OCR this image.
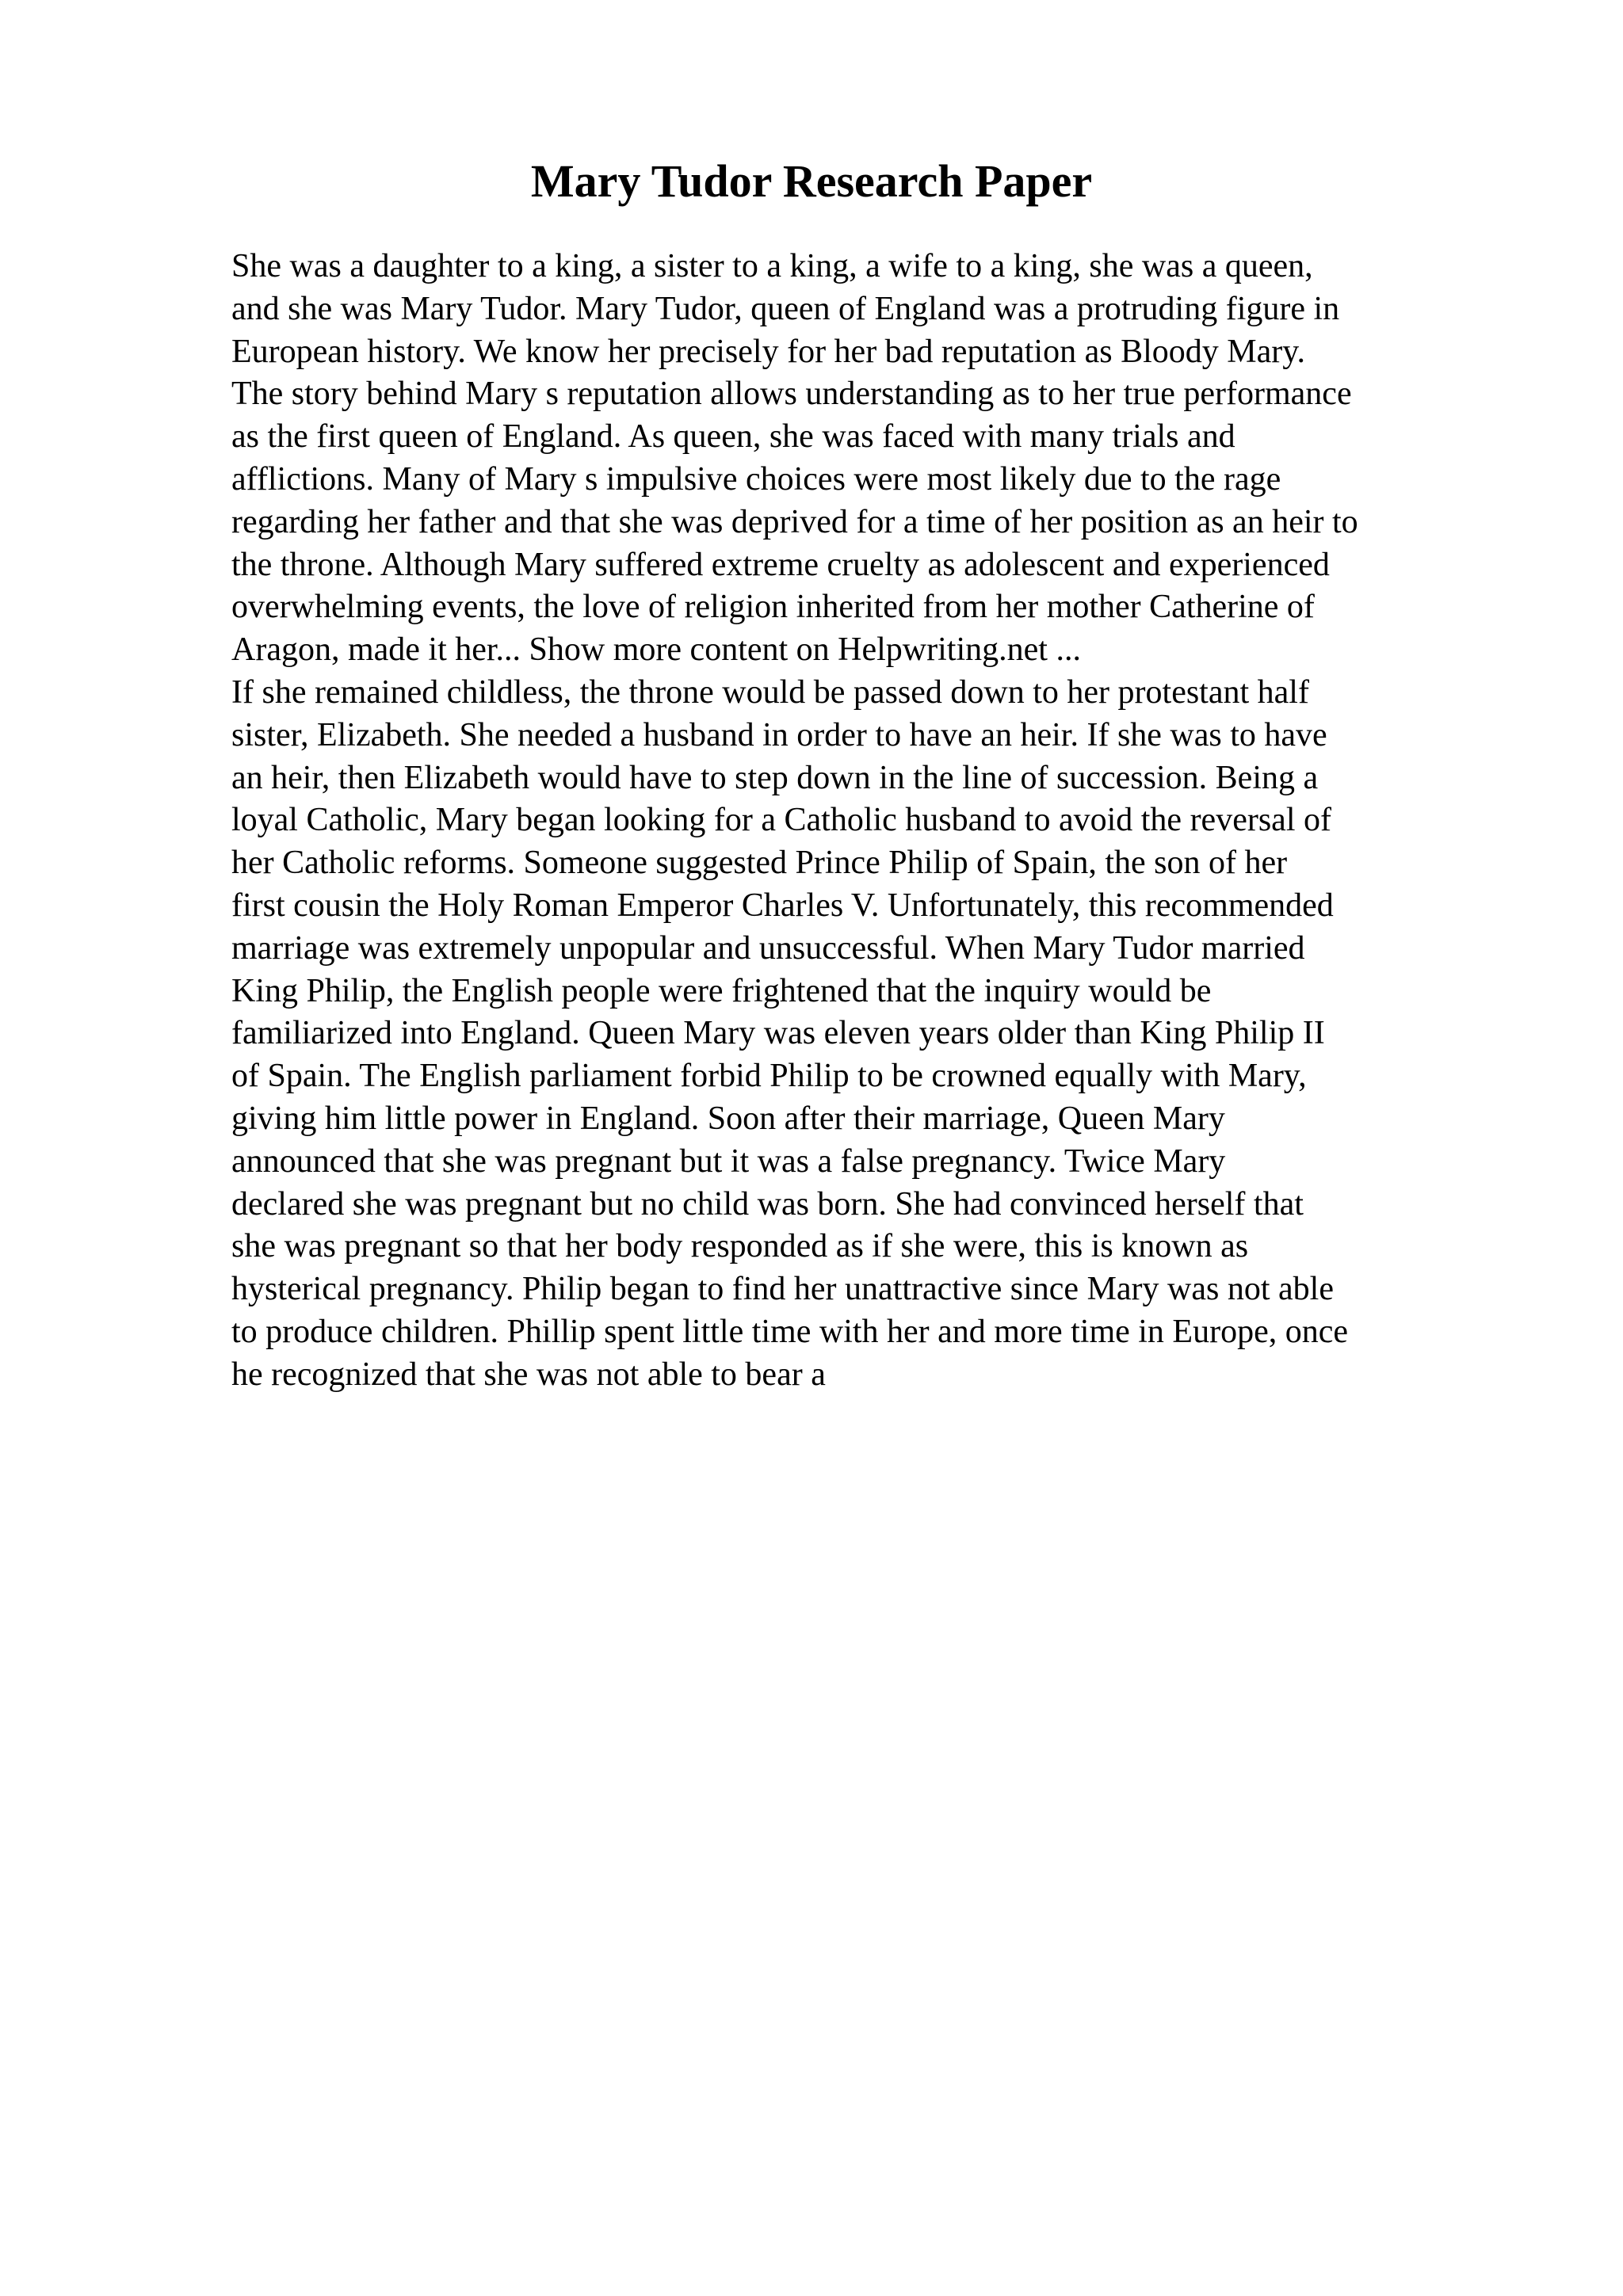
Mary Tudor Research Paper
She was a daughter to a king, a sister to a king, a wife to a king, she was a queen,
and she was Mary Tudor. Mary Tudor, queen of England was a protruding figure in
European history. We know her precisely for her bad reputation as Bloody Mary.
The story behind Mary s reputation allows understanding as to her true performance
as the first queen of England. As queen, she was faced with many trials and
afflictions. Many of Mary s impulsive choices were most likely due to the rage
regarding her father and that she was deprived for a time of her position as an heir to
the throne. Although Mary suffered extreme cruelty as adolescent and experienced
overwhelming events, the love of religion inherited from her mother Catherine of
Aragon, made it her... Show more content on Helpwriting.net ...
If she remained childless, the throne would be passed down to her protestant half
sister, Elizabeth. She needed a husband in order to have an heir. If she was to have
an heir, then Elizabeth would have to step down in the line of succession. Being a
loyal Catholic, Mary began looking for a Catholic husband to avoid the reversal of
her Catholic reforms. Someone suggested Prince Philip of Spain, the son of her
first cousin the Holy Roman Emperor Charles V. Unfortunately, this recommended
marriage was extremely unpopular and unsuccessful. When Mary Tudor married
King Philip, the English people were frightened that the inquiry would be
familiarized into England. Queen Mary was eleven years older than King Philip II
of Spain. The English parliament forbid Philip to be crowned equally with Mary,
giving him little power in England. Soon after their marriage, Queen Mary
announced that she was pregnant but it was a false pregnancy. Twice Mary
declared she was pregnant but no child was born. She had convinced herself that
she was pregnant so that her body responded as if she were, this is known as
hysterical pregnancy. Philip began to find her unattractive since Mary was not able
to produce children. Phillip spent little time with her and more time in Europe, once
he recognized that she was not able to bear a
